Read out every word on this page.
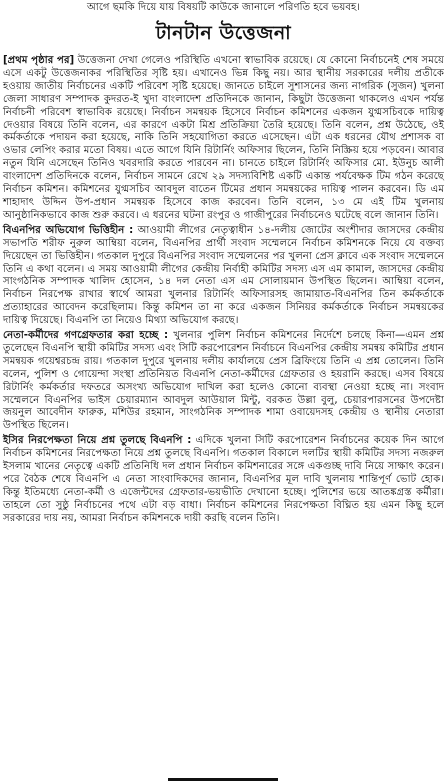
আগে ছমকি দিয়ে যায় বিষয়টি কাউকে জানালে পরিণতি হবে ভয়বহ।

টানটান উত্তেজনা

[প্রথম পৃষ্ঠার পর] উত্তেজনা দেখা গেলেও পরিস্থিতি এখনো স্বাভাবিক রয়েছে। যে কোনো নির্বাচনেই শেষ সময়ে এসে একটু উত্তেজনাকর পরিস্থিতির সৃষ্টি হয়। এখানেও ভিন্ন কিছু নয়। আর স্থানীয় সরকারের দলীয় প্রতীকে হওয়ায় জাতীয় নির্বাচনের একটি পরিবেশ সৃষ্টি হয়েছে। জানতে চাইলে সুশাসনের জন্য নাগরিক (সুজন) খুলনা জেলা সাধারণ সম্পাদক কুদরত-ই খুদা বাংলাদেশ প্রতিদিনকে জানান, কিছুটা উত্তেজনা থাকলেও এখন পর্যন্ত নির্বাচনী পরিবেশ স্বাভাবিক রয়েছে। নির্বাচন সমন্বয়ক হিসেবে নির্বাচন কমিশনের একজন যুগ্মসচিবকে দায়িত্ব দেওয়ার বিষয়ে তিনি বলেন, এর কারণে একটা মিশ্র প্রতিক্রিয়া তৈরি হয়েছে। তিনি বলেন, প্রশ্ন উঠেছে, ওই কর্মকর্তাকে পদায়ন করা হয়েছে, নাকি তিনি সহযোগিতা করতে এসেছেন। এটা এক ধরনের যৌথ প্রশাসক বা ওভার লেপিং করার মতো বিষয়। এতে আগে যিনি রিটার্নিং অফিসার ছিলেন, তিনি নিস্ক্রিয় হয়ে পড়বেন। আবার নতুন যিনি এসেছেন তিনিও খবরদারি করতে পারবেন না। চানতে চাইলে রিটার্নিং অফিসার মো. ইউনুচ আলী বাংলাদেশ প্রতিদিনকে বলেন, নির্বাচন সামনে রেখে ২৯ সদস্যবিশিষ্ট একটি একান্ত পর্যবেক্ষক টিম গঠন করেছে নির্বাচন কমিশন। কমিশনের যুগ্মসচিব আবদুল বাতেন টিমের প্রধান সমন্বয়কের দায়িত্ব পালন করবেন। ডি এম শাহাদাৎ উদ্দিন উপ-প্রধান সমন্বয়ক হিসেবে কাজ করবেন। তিনি বলেন, ১৩ মে এই টিম খুলনায় আনুষ্ঠানিকভাবে কাজ শুরু করবে। এ ধরনের ঘটনা রংপুর ও গাজীপুরের নির্বাচনেও ঘটেছে বলে জানান তিনি।

বিএনপির অভিযোগ ভিত্তিহীন : আওয়ামী লীগের নেতৃত্বাধীন ১৪-দলীয় জোটের অংশীদার জাসদের কেন্দ্রীয় সভাপতি শরীফ নুরুল আম্বিয়া বলেন, বিএনপির প্রার্থী সংবাদ সম্মেলনে নির্বাচন কমিশনকে নিয়ে যে বক্তব্য দিয়েছেন তা ভিত্তিহীন। গতকাল দুপুরে বিএনপির সংবাদ সম্মেলনের পর খুলনা প্রেস ক্লাবে এক সংবাদ সম্মেলনে তিনি এ কথা বলেন। এ সময় আওয়ামী লীগের কেন্দ্রীয় নির্বাহী কমিটির সদস্য এস এম কামাল, জাসদের কেন্দ্রীয় সাংগঠনিক সম্পাদক খালিদ হোসেন, ১৪ দল নেতা এস এম সোলায়মান উপস্থিত ছিলেন। আম্বিয়া বলেন, নির্বাচন নিরপেক্ষ রাখার স্বার্থে আমরা খুলনার রিটার্নিং অফিসারসহ জামায়াত-বিএনপির তিন কর্মকর্তাকে প্রত্যাহারের আবেদন করেছিলাম। কিন্তু কমিশন তা না করে একজন সিনিয়র কর্মকর্তাকে নির্বাচন সমন্বয়কের দায়িত্ব দিয়েছে। বিএনপি তা নিয়েও মিথ্যা অভিযোগ করছে।

নেতা-কর্মীদের গণগ্রেফতার করা হচ্ছে : খুলনার পুলিশ নির্বাচন কমিশনের নির্দেশে চলছে কিনা—এমন প্রশ্ন তুলেছেন বিএনপি স্থায়ী কমিটির সদস্য এবং সিটি করপোরেশন নির্বাচনে বিএনপির কেন্দ্রীয় সমন্বয় কমিটির প্রধান সমন্বয়ক গয়েশ্বরচন্দ্র রায়। গতকাল দুপুরে খুলনায় দলীয় কার্যালয়ে প্রেস ব্রিফিংয়ে তিনি এ প্রশ্ন তোলেন। তিনি বলেন, পুলিশ ও গোয়েন্দা সংস্থা প্রতিনিয়ত বিএনপি নেতা-কর্মীদের গ্রেফতার ও হয়রানি করছে। এসব বিষয়ে রিটার্নিং কর্মকর্তার দফতরে অসংখ্য অভিযোগ দাখিল করা হলেও কোনো ব্যবস্থা নেওয়া হচ্ছে না। সংবাদ সম্মেলনে বিএনপির ভাইস চেয়ারম্যান আবদুল আউয়াল মিন্টু, বরকত উল্লা বুলু, চেয়ারপারসনের উপদেষ্টা জয়নুল আবেদীন ফারুক, মশিউর রহমান, সাংগঠনিক সম্পাদক শামা ওবায়েদসহ কেন্দ্রীয় ও স্থানীয় নেতারা উপস্থিত ছিলেন।

ইসির নিরপেক্ষতা নিয়ে প্রশ্ন তুলছে বিএনপি : এদিকে খুলনা সিটি করপোরেশন নির্বাচনের কয়েক দিন আগে নির্বাচন কমিশনের নিরপেক্ষতা নিয়ে প্রশ্ন তুলছে বিএনপি। গতকাল বিকালে দলটির স্থায়ী কমিটির সদস্য নজরুল ইসলাম খানের নেতৃত্বে একটি প্রতিনিধি দল প্রধান নির্বাচন কমিশনারের সঙ্গে একগুচ্ছ দাবি নিয়ে সাক্ষাৎ করেন। পরে বৈঠক শেষে বিএনপি এ নেতা সাংবাদিকদের জানান, বিএনপির মূল দাবি খুলনায় শান্তিপূর্ণ ভোট হোক। কিন্তু ইতিমধ্যে নেতা-কর্মী ও এজেন্টদের গ্রেফতার-ভয়ভীতি দেখানো হচ্ছে। পুলিশের ভয়ে আতঙ্কগ্রস্ত কর্মীরা। তাহলে তো সুষ্ঠু নির্বাচনের পথে এটা বড় বাধা। নির্বাচন কমিশনের নিরপেক্ষতা বিঘ্নিত হয় এমন কিছু হলে সরকারের দায় নয়, আমরা নির্বাচন কমিশনকে দায়ী করছি বলেন তিনি।
